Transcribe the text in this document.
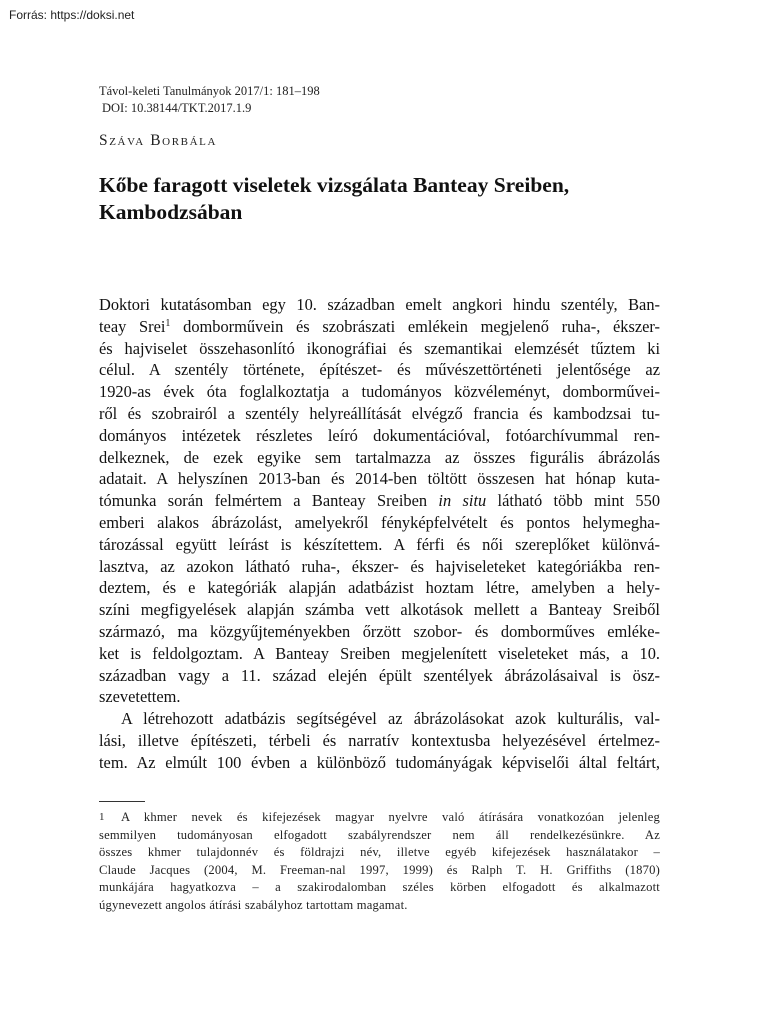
Forrás: https://doksi.net
Távol-keleti Tanulmányok 2017/1: 181–198
DOI: 10.38144/TKT.2017.1.9
Száva Borbála
Kőbe faragott viseletek vizsgálata Banteay Sreiben,
Kambodzsában
Doktori kutatásomban egy 10. században emelt angkori hindu szentély, Ban-
teay Srei$^1$ domborművein és szobrászati emlékein megjelenő ruha-, ékszer-
és hajviselet összehasonlító ikonográfiai és szemantikai elemzését tűztem ki
célul. A szentély története, építészet- és művészettörténeti jelentősége az
1920-as évek óta foglalkoztatja a tudományos közvéleményt, domborművei-
ről és szobrairól a szentély helyreállítását elvégző francia és kambodzsai tu-
dományos intézetek részletes leíró dokumentációval, fotóarchívummal ren-
delkeznek, de ezek egyike sem tartalmazza az összes figurális ábrázolás
adatait. A helyszínen 2013-ban és 2014-ben töltött összesen hat hónap kuta-
tómunka során felmértem a Banteay Sreiben in situ látható több mint 550
emberi alakos ábrázolást, amelyekről fényképfelvételt és pontos helymegha-
tározással együtt leírást is készítettem. A férfi és női szereplőket különvá-
lasztva, az azokon látható ruha-, ékszer- és hajviseleteket kategóriákba ren-
deztem, és e kategóriák alapján adatbázist hoztam létre, amelyben a hely-
színi megfigyelések alapján számba vett alkotások mellett a Banteay Sreiből
származó, ma közgyűjteményekben őrzött szobor- és domborműves emléke-
ket is feldolgoztam. A Banteay Sreiben megjelenített viseleteket más, a 10.
században vagy a 11. század elején épült szentélyek ábrázolásaival is ösz-
szevetettem.
A létrehozott adatbázis segítségével az ábrázolásokat azok kulturális, val-
lási, illetve építészeti, térbeli és narratív kontextusba helyezésével értelmez-
tem. Az elmúlt 100 évben a különböző tudományágak képviselői által feltárt,
1	A khmer nevek és kifejezések magyar nyelvre való átírására vonatkozóan jelenleg
semmilyen tudományosan elfogadott szabályrendszer nem áll rendelkezésünkre. Az
összes khmer tulajdonnév és földrajzi név, illetve egyéb kifejezések használatakor –
Claude Jacques (2004, M. Freeman-nal 1997, 1999) és Ralph T. H. Griffiths (1870)
munkájára hagyatkozva – a szakirodalomban széles körben elfogadott és alkalmazott
úgynevezett angolos átírási szabályhoz tartottam magamat.
